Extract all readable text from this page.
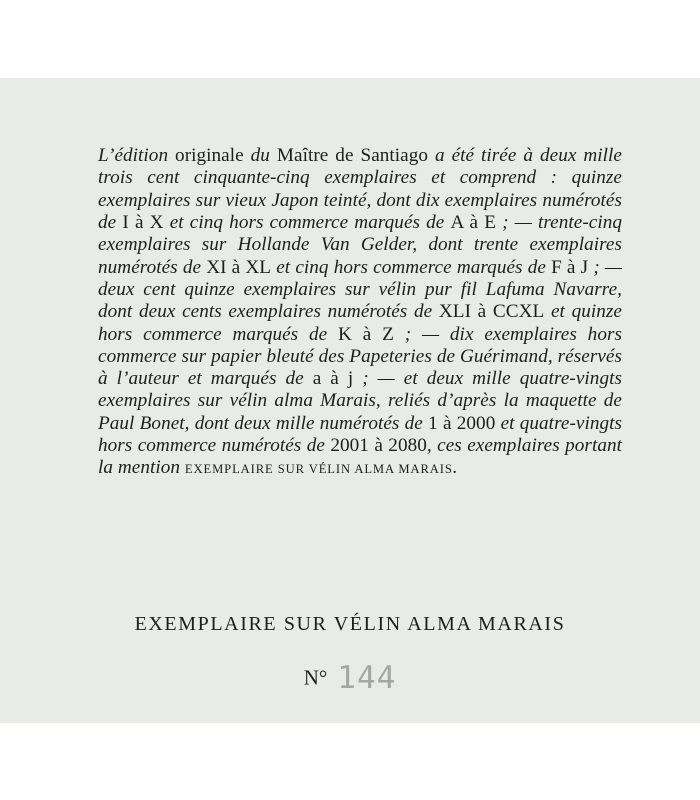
L’édition originale du Maître de Santiago a été tirée à deux mille trois cent cinquante-cinq exemplaires et comprend : quinze exemplaires sur vieux Japon teinté, dont dix exemplaires numérotés de I à X et cinq hors commerce marqués de A à E ; — trente-cinq exemplaires sur Hollande Van Gelder, dont trente exemplaires numérotés de XI à XL et cinq hors commerce marqués de F à J ; — deux cent quinze exemplaires sur vélin pur fil Lafuma Navarre, dont deux cents exemplaires numérotés de XLI à CCXL et quinze hors commerce marqués de K à Z ; — dix exemplaires hors commerce sur papier bleuté des Papeteries de Guérimand, réservés à l’auteur et marqués de a à j ; — et deux mille quatre-vingts exemplaires sur vélin alma Marais, reliés d’après la maquette de Paul Bonet, dont deux mille numérotés de 1 à 2000 et quatre-vingts hors commerce numérotés de 2001 à 2080, ces exemplaires portant la mention EXEMPLAIRE SUR VÉLIN ALMA MARAIS.

EXEMPLAIRE SUR VÉLIN ALMA MARAIS
N° 144
